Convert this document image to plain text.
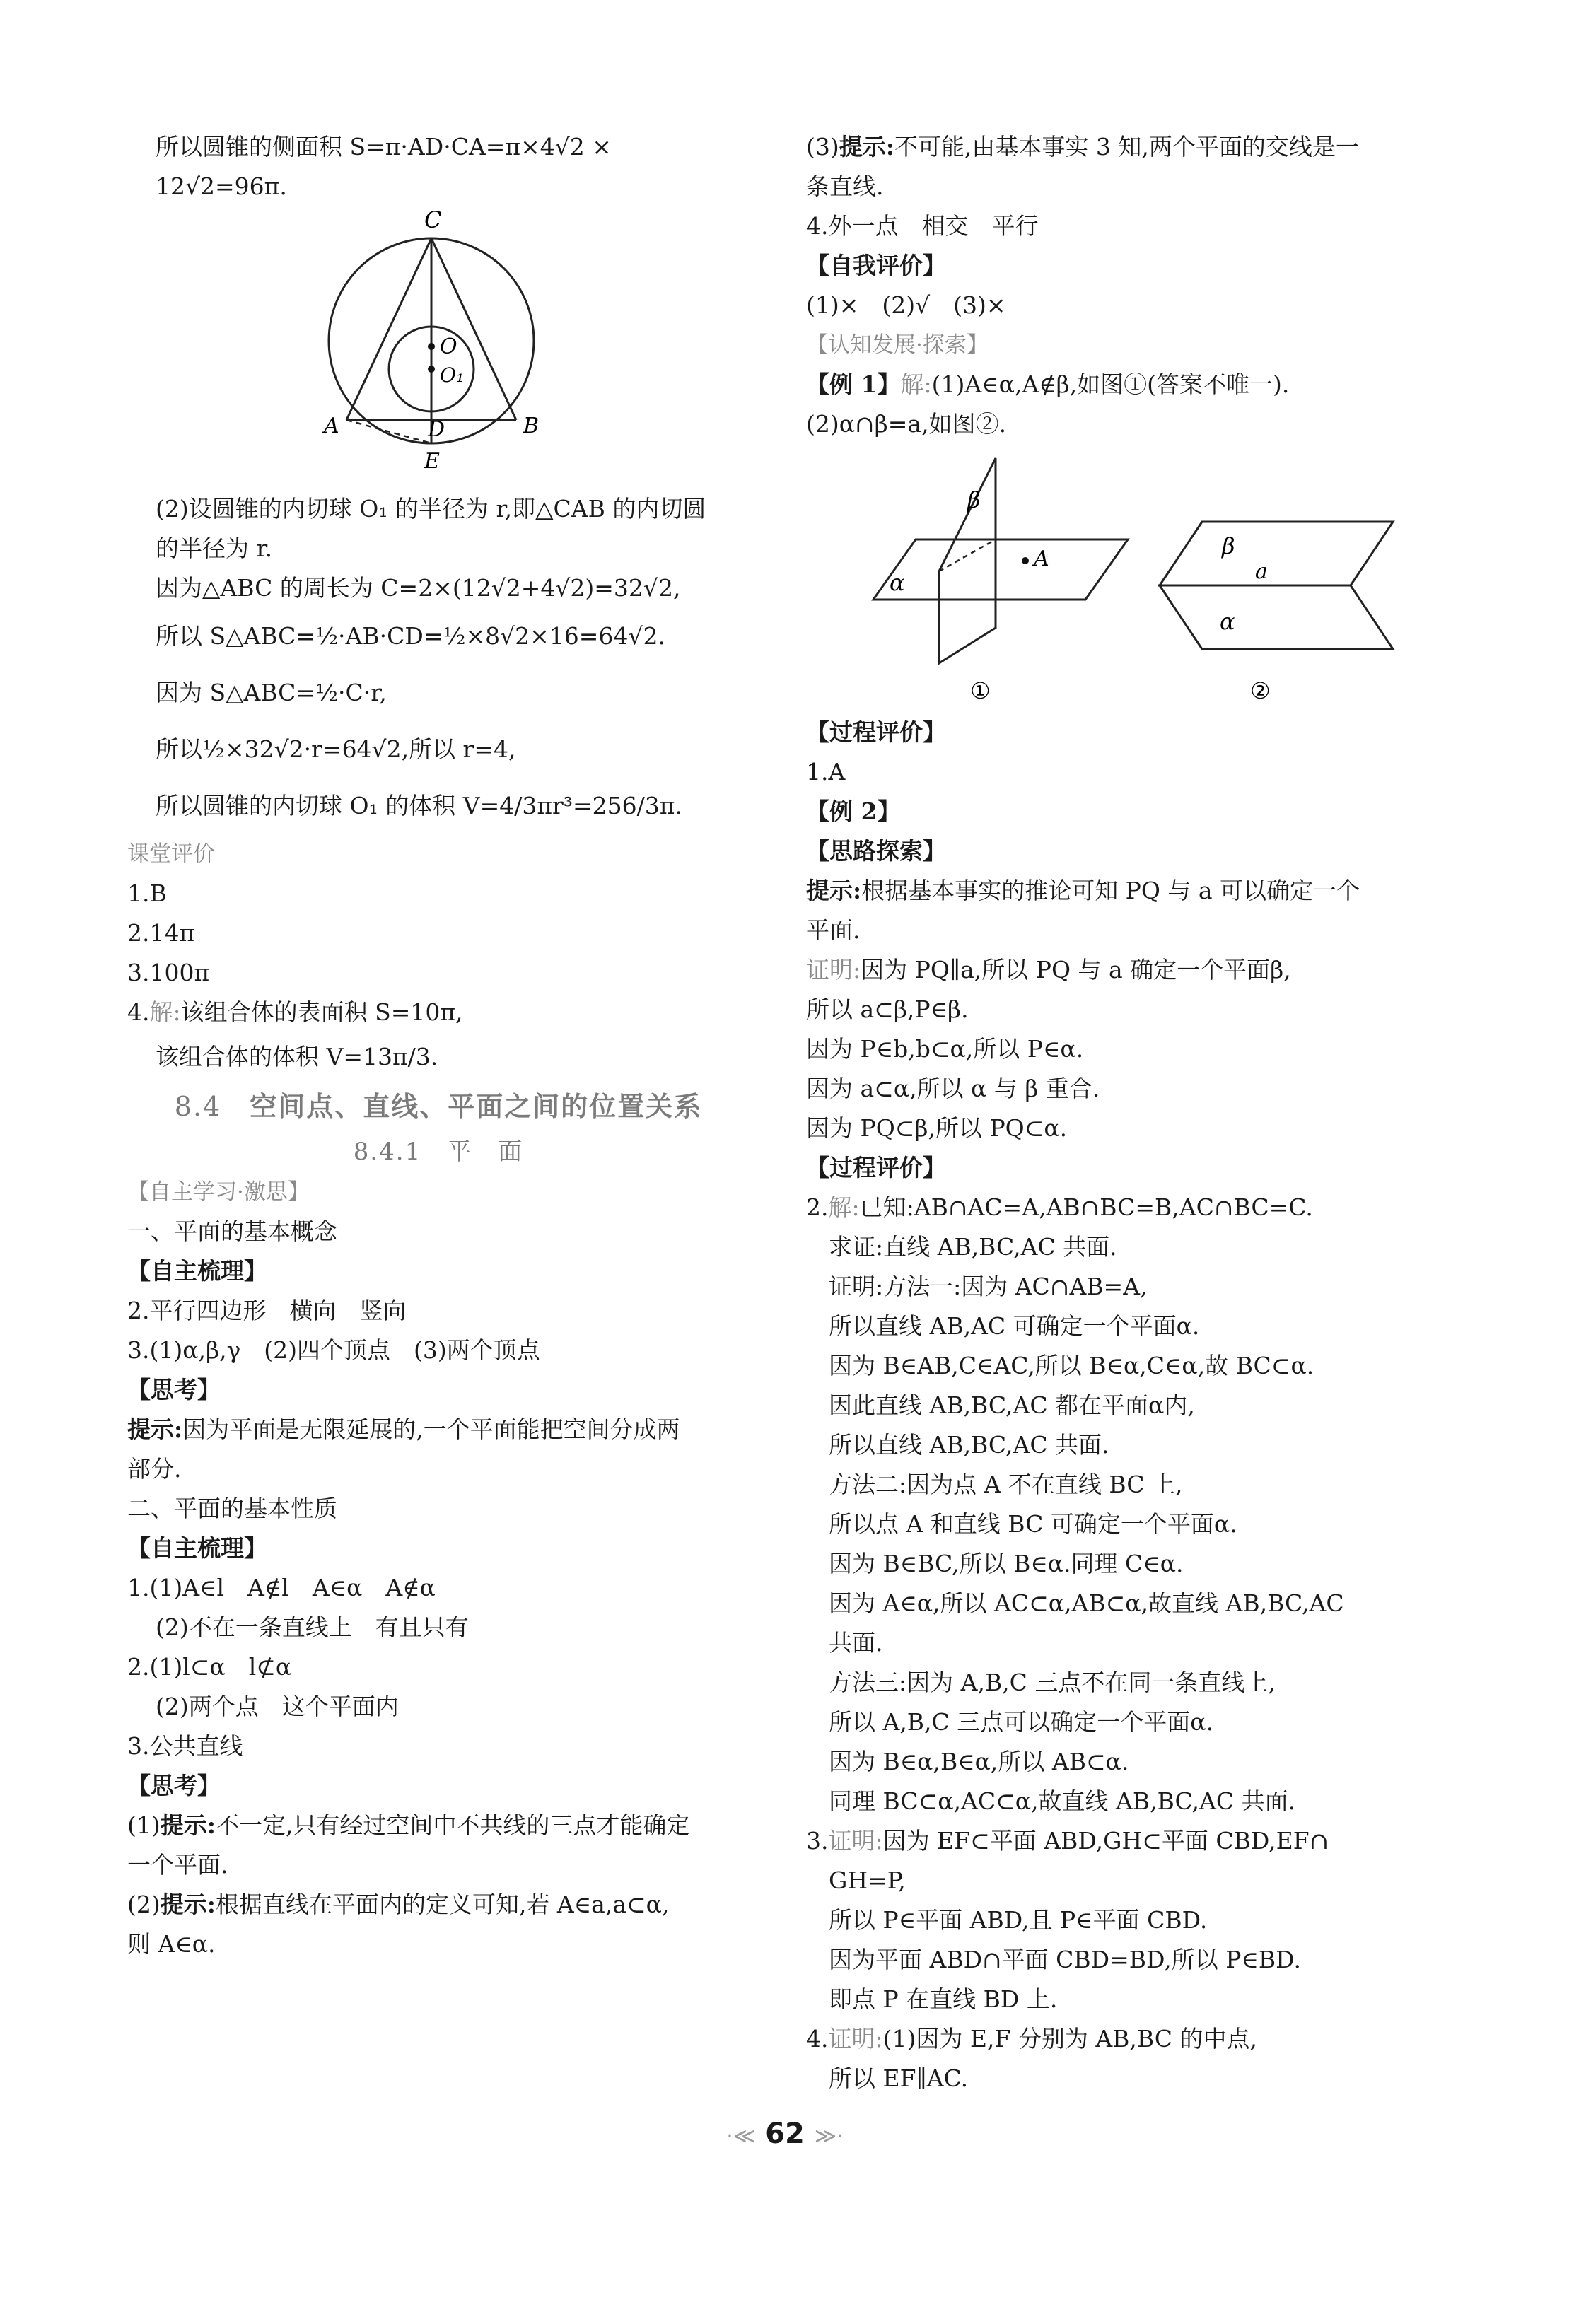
所以圆锥的侧面积 S=π·AD·CA=π×4√2 ×
12√2=96π.
C
O
O₁
A	D	B
E
(2)设圆锥的内切球 O₁ 的半径为 r,即△CAB 的内切圆
的半径为 r.
因为△ABC 的周长为 C=2×(12√2+4√2)=32√2,
所以 S△ABC=½·AB·CD=½×8√2×16=64√2.
因为 S△ABC=½·C·r,
所以½×32√2·r=64√2,所以 r=4,
所以圆锥的内切球 O₁ 的体积 V=4/3πr³=256/3π.
课堂评价
1.B
2.14π
3.100π
4.解:该组合体的表面积 S=10π,
该组合体的体积 V=13π/3.
8.4　 空间点、直线、平面之间的位置关系
8.4.1　 平　面
【自主学习·激思】
一、平面的基本概念
【自主梳理】
2.平行四边形　横向　竖向
3.(1)α,β,γ　(2)四个顶点　(3)两个顶点
【思考】
提示:因为平面是无限延展的,一个平面能把空间分成两
部分.
二、平面的基本性质
【自主梳理】
1.(1)A∈l　A∉l　A∈α　A∉α
(2)不在一条直线上　有且只有
2.(1)l⊂α　l⊄α
(2)两个点　这个平面内
3.公共直线
【思考】
(1)提示:不一定,只有经过空间中不共线的三点才能确定
一个平面.
(2)提示:根据直线在平面内的定义可知,若 A∈a,a⊂α,
则 A∈α.
(3)提示:不可能,由基本事实 3 知,两个平面的交线是一
条直线.
4.外一点　相交　平行
【自我评价】
(1)×　(2)√　(3)×
【认知发展·探索】
【例 1】解:(1)A∈α,A∉β,如图①(答案不唯一).
(2)α∩β=a,如图②.
β
A
α
①
β
a
α
②
【过程评价】
1.A
【例 2】
【思路探索】
提示:根据基本事实的推论可知 PQ 与 a 可以确定一个
平面.
证明:因为 PQ∥a,所以 PQ 与 a 确定一个平面β,
所以 a⊂β,P∈β.
因为 P∈b,b⊂α,所以 P∈α.
因为 a⊂α,所以 α 与 β 重合.
因为 PQ⊂β,所以 PQ⊂α.
【过程评价】
2.解:已知:AB∩AC=A,AB∩BC=B,AC∩BC=C.
求证:直线 AB,BC,AC 共面.
证明:方法一:因为 AC∩AB=A,
所以直线 AB,AC 可确定一个平面α.
因为 B∈AB,C∈AC,所以 B∈α,C∈α,故 BC⊂α.
因此直线 AB,BC,AC 都在平面α内,
所以直线 AB,BC,AC 共面.
方法二:因为点 A 不在直线 BC 上,
所以点 A 和直线 BC 可确定一个平面α.
因为 B∈BC,所以 B∈α.同理 C∈α.
因为 A∈α,所以 AC⊂α,AB⊂α,故直线 AB,BC,AC
共面.
方法三:因为 A,B,C 三点不在同一条直线上,
所以 A,B,C 三点可以确定一个平面α.
因为 B∈α,B∈α,所以 AB⊂α.
同理 BC⊂α,AC⊂α,故直线 AB,BC,AC 共面.
3.证明:因为 EF⊂平面 ABD,GH⊂平面 CBD,EF∩
GH=P,
所以 P∈平面 ABD,且 P∈平面 CBD.
因为平面 ABD∩平面 CBD=BD,所以 P∈BD.
即点 P 在直线 BD 上.
4.证明:(1)因为 E,F 分别为 AB,BC 的中点,
所以 EF∥AC.
·≪ 62 ≫·
